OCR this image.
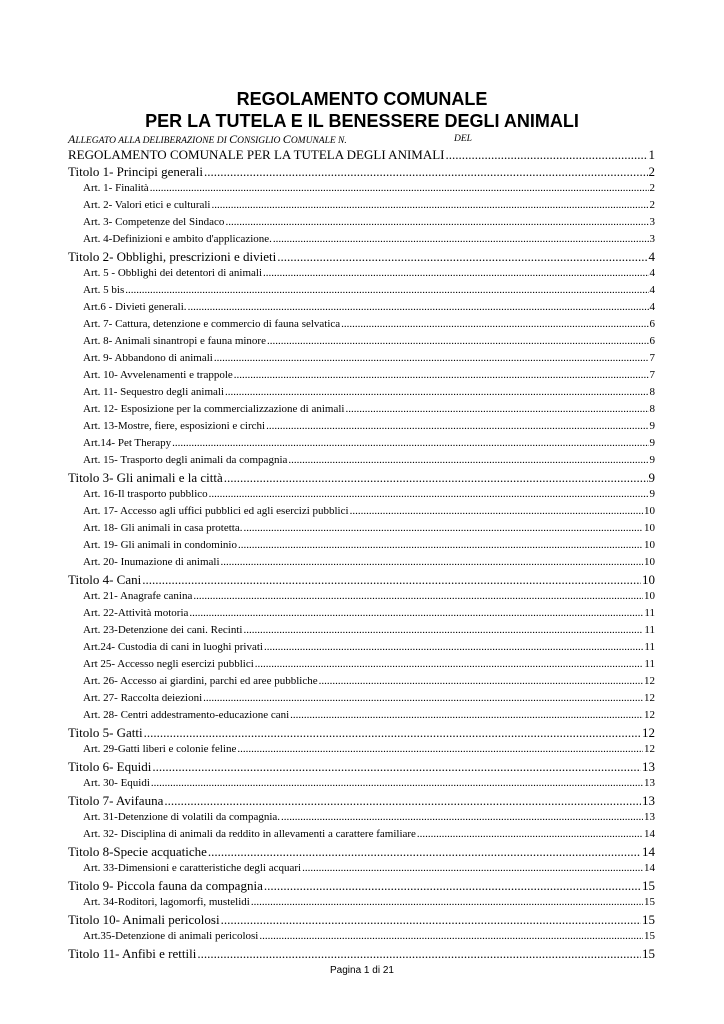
REGOLAMENTO COMUNALE
PER LA TUTELA E IL BENESSERE DEGLI ANIMALI
ALLEGATO ALLA DELIBERAZIONE DI CONSIGLIO COMUNALE N.	DEL
REGOLAMENTO COMUNALE PER LA TUTELA DEGLI ANIMALI .....	1
Titolo 1- Principi generali .....	2
Art. 1- Finalità .....	2
Art. 2- Valori etici e culturali .....	2
Art. 3- Competenze del Sindaco .....	3
Art. 4-Definizioni e ambito d'applicazione. .....	3
Titolo 2- Obblighi, prescrizioni e divieti .....	4
Art. 5 - Obblighi dei detentori di animali .....	4
Art. 5 bis .....	4
Art.6 - Divieti generali. .....	4
Art. 7- Cattura, detenzione e commercio di fauna selvatica .....	6
Art. 8- Animali sinantropi e fauna minore .....	6
Art. 9- Abbandono di animali .....	7
Art. 10- Avvelenamenti e trappole .....	7
Art. 11- Sequestro degli animali .....	8
Art. 12- Esposizione per la commercializzazione di animali .....	8
Art. 13-Mostre, fiere, esposizioni e circhi .....	9
Art.14- Pet Therapy .....	9
Art. 15- Trasporto degli animali da compagnia .....	9
Titolo 3- Gli animali e la città .....	9
Art. 16-Il trasporto pubblico .....	9
Art. 17- Accesso agli uffici pubblici ed agli esercizi pubblici .....	10
Art. 18- Gli animali in casa protetta. .....	10
Art. 19- Gli animali in condominio .....	10
Art. 20- Inumazione di animali .....	10
Titolo 4- Cani .....	10
Art. 21- Anagrafe canina .....	10
Art. 22-Attività motoria .....	11
Art. 23-Detenzione dei cani. Recinti .....	11
Art.24- Custodia di cani in luoghi privati .....	11
Art 25- Accesso negli esercizi pubblici .....	11
Art. 26- Accesso ai giardini, parchi ed aree pubbliche .....	12
Art. 27- Raccolta deiezioni .....	12
Art. 28- Centri addestramento-educazione cani .....	12
Titolo 5- Gatti .....	12
Art. 29-Gatti liberi e colonie feline .....	12
Titolo 6- Equidi .....	13
Art. 30- Equidi .....	13
Titolo 7- Avifauna .....	13
Art. 31-Detenzione di volatili da compagnia. .....	13
Art. 32- Disciplina di animali da reddito in allevamenti a carattere familiare .....	14
Titolo 8-Specie acquatiche .....	14
Art. 33-Dimensioni e caratteristiche degli acquari .....	14
Titolo 9- Piccola fauna da compagnia .....	15
Art. 34-Roditori, lagomorfi, mustelidi .....	15
Titolo 10- Animali pericolosi .....	15
Art.35-Detenzione di animali pericolosi .....	15
Titolo 11- Anfibi e rettili .....	15
Pagina 1 di 21
